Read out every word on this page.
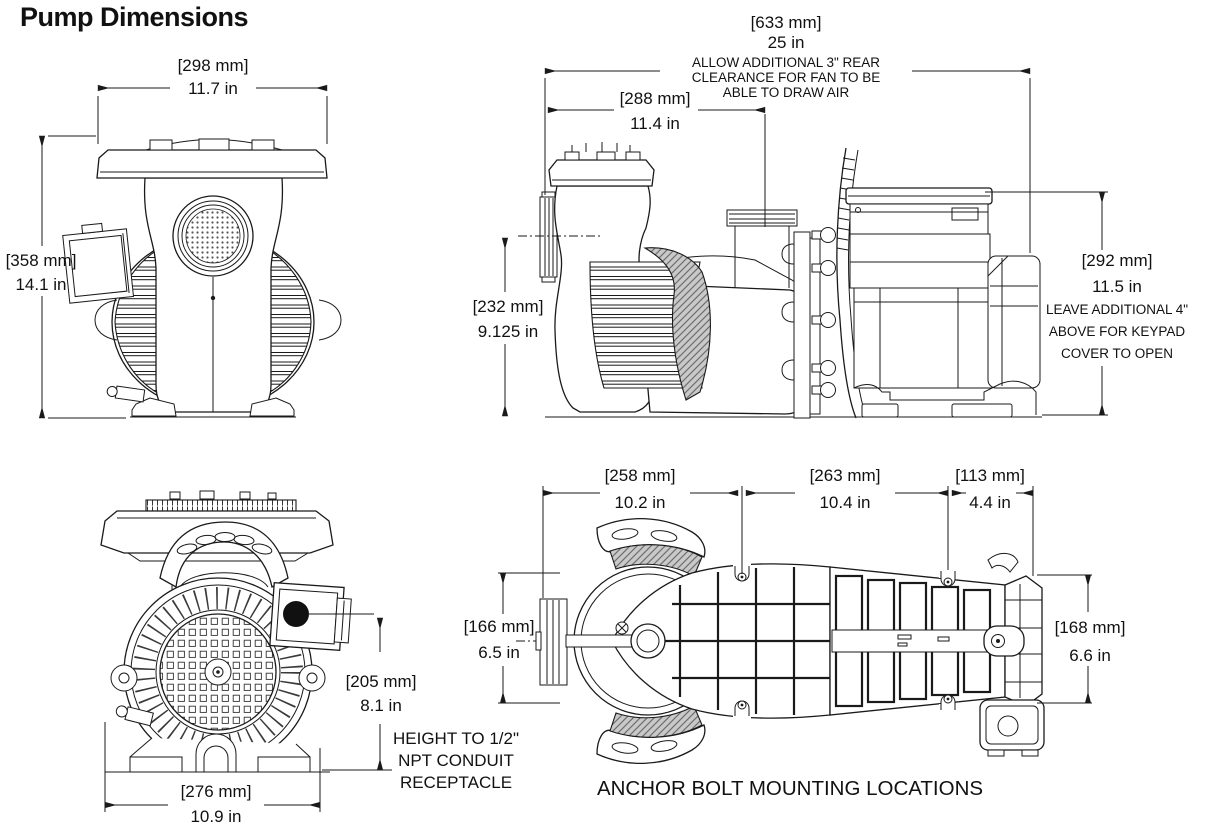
Pump Dimensions
[298 mm]
11.7 in
[358 mm]
14.1 in
[633 mm]
25 in
ALLOW ADDITIONAL 3" REAR
CLEARANCE FOR FAN TO BE
ABLE TO DRAW AIR
[288 mm]
11.4 in
[232 mm]
9.125 in
[292 mm]
11.5 in
LEAVE ADDITIONAL 4"
ABOVE FOR KEYPAD
COVER TO OPEN
[258 mm]
10.2 in
[263 mm]
10.4 in
[113 mm]
4.4 in
[166 mm]
6.5 in
[168 mm]
6.6 in
[205 mm]
8.1 in
HEIGHT TO 1/2"
NPT CONDUIT
RECEPTACLE
[276 mm]
10.9 in
ANCHOR BOLT MOUNTING LOCATIONS
